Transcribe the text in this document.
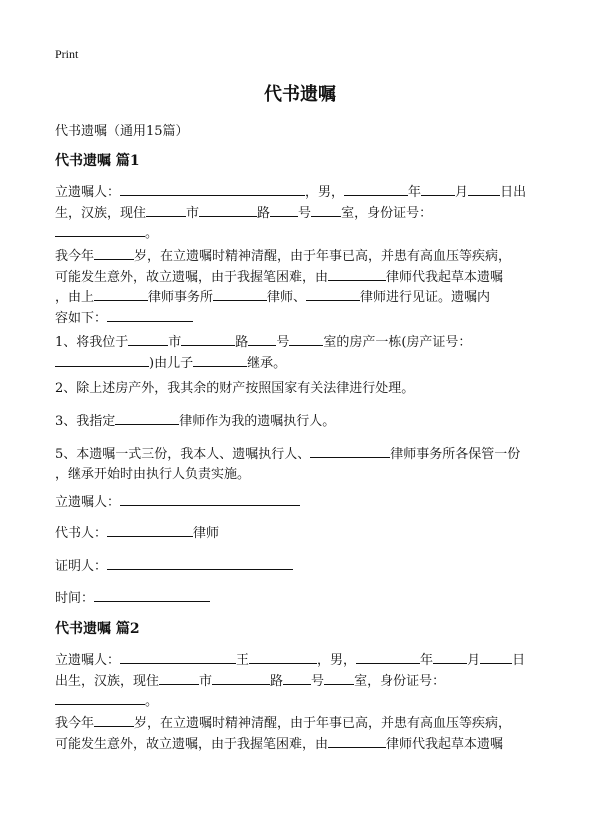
Print
代书遗嘱
代书遗嘱（通用15篇）
代书遗嘱 篇1
立遗嘱人：	，男，	年	月 日出
生，汉族，现住	市	路 号 室，身份证号：
。
我今年	岁，在立遗嘱时精神清醒，由于年事已高，并患有高血压等疾病，
可能发生意外，故立遗嘱，由于我握笔困难，由	律师代我起草本遗嘱
，由上	律师事务所	律师、	律师进行见证。遗嘱内
容如下：
1、将我位于	市	路 号	室的房产一栋(房产证号：
)由儿子	继承。
2、除上述房产外，我其余的财产按照国家有关法律进行处理。
3、我指定	律师作为我的遗嘱执行人。
5、本遗嘱一式三份，我本人、遗嘱执行人、	律师事务所各保管一份
，继承开始时由执行人负责实施。
立遗嘱人：
代书人：	律师
证明人：
时间：
代书遗嘱 篇2
立遗嘱人：	王	，男，	年	月 日
出生，汉族，现住	市	路 号 室，身份证号：
。
我今年	岁，在立遗嘱时精神清醒，由于年事已高，并患有高血压等疾病，
可能发生意外，故立遗嘱，由于我握笔困难，由	律师代我起草本遗嘱
